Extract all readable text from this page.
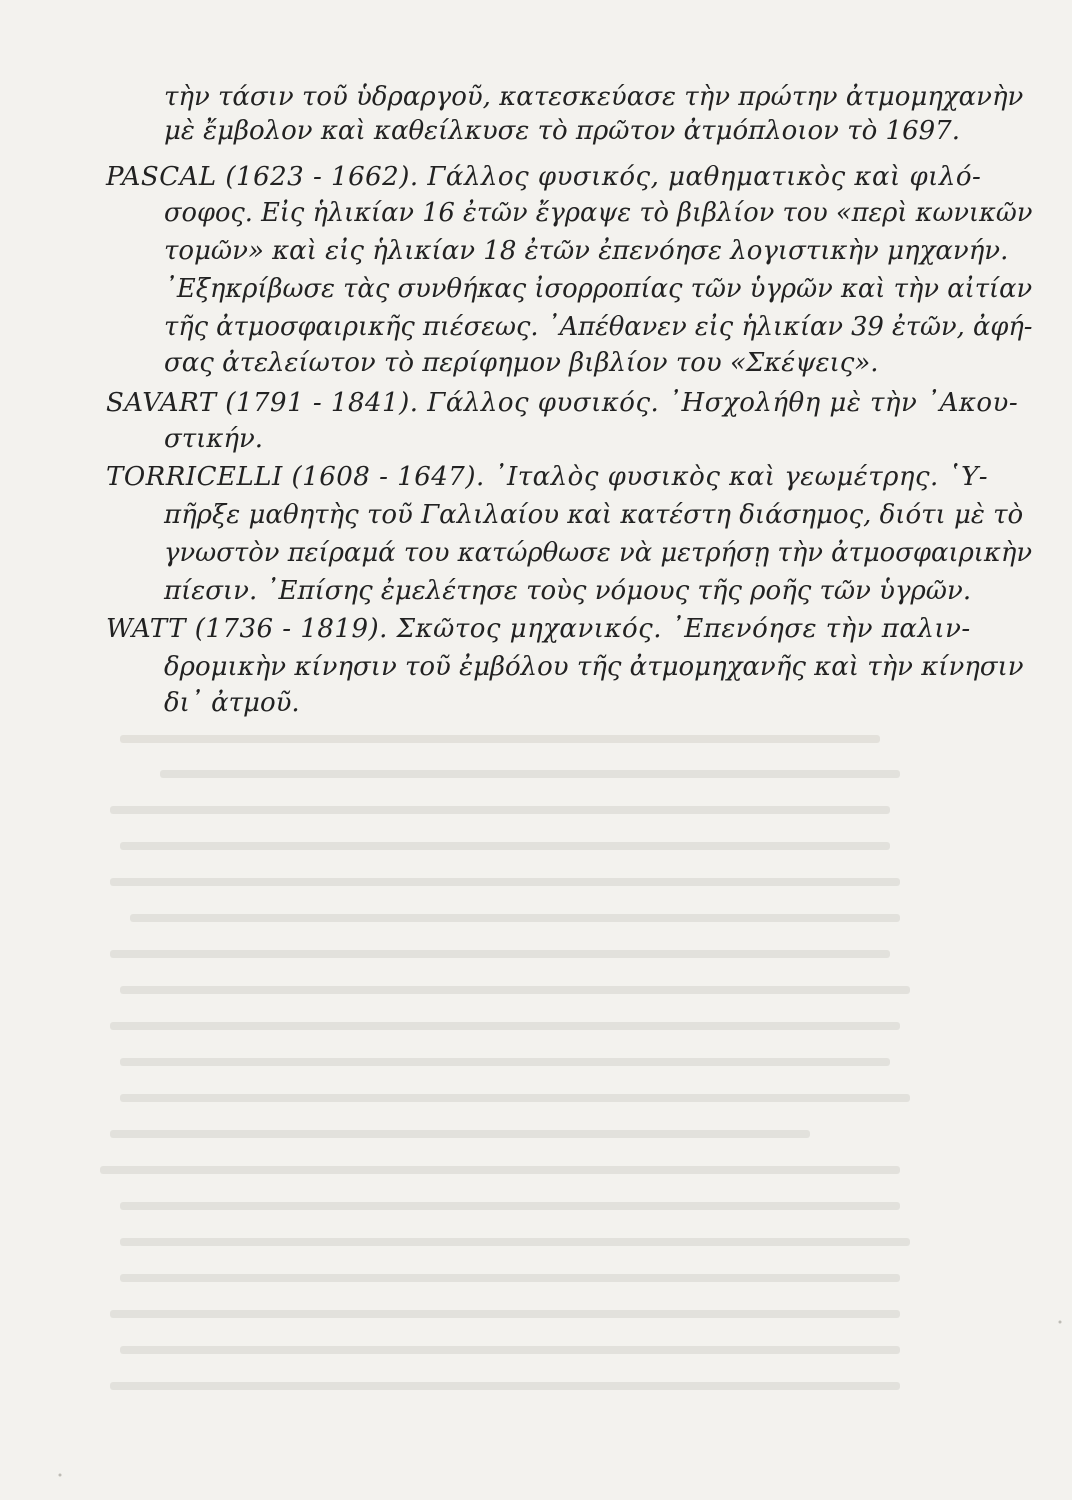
τὴν τάσιν τοῦ ὑδραργοῦ, κατεσκεύασε τὴν πρώτην ἀτμομηχανὴν
μὲ ἔμβολον καὶ καθείλκυσε τὸ πρῶτον ἀτμόπλοιον τὸ 1697.
PASCAL (1623 - 1662). Γάλλος φυσικός, μαθηματικὸς καὶ φιλό-
σοφος. Εἰς ἡλικίαν 16 ἐτῶν ἔγραψε τὸ βιβλίον του «περὶ κωνικῶν
τομῶν» καὶ εἰς ἡλικίαν 18 ἐτῶν ἐπενόησε λογιστικὴν μηχανήν.
᾿Εξηκρίβωσε τὰς συνθήκας ἰσορροπίας τῶν ὑγρῶν καὶ τὴν αἰτίαν
τῆς ἀτμοσφαιρικῆς πιέσεως. ᾿Απέθανεν εἰς ἡλικίαν 39 ἐτῶν, ἀφή-
σας ἀτελείωτον τὸ περίφημον βιβλίον του «Σκέψεις».
SAVART (1791 - 1841). Γάλλος φυσικός. ᾿Ησχολήθη μὲ τὴν ᾿Ακου-
στικήν.
TORRICELLI (1608 - 1647). ᾿Ιταλὸς φυσικὸς καὶ γεωμέτρης. ῾Υ-
πῆρξε μαθητὴς τοῦ Γαλιλαίου καὶ κατέστη διάσημος, διότι μὲ τὸ
γνωστὸν πείραμά του κατώρθωσε νὰ μετρήσῃ τὴν ἀτμοσφαιρικὴν
πίεσιν. ᾿Επίσης ἐμελέτησε τοὺς νόμους τῆς ροῆς τῶν ὑγρῶν.
WATT (1736 - 1819). Σκῶτος μηχανικός. ᾿Επενόησε τὴν παλιν-
δρομικὴν κίνησιν τοῦ ἐμβόλου τῆς ἀτμομηχανῆς καὶ τὴν κίνησιν
δι᾿ ἀτμοῦ.
